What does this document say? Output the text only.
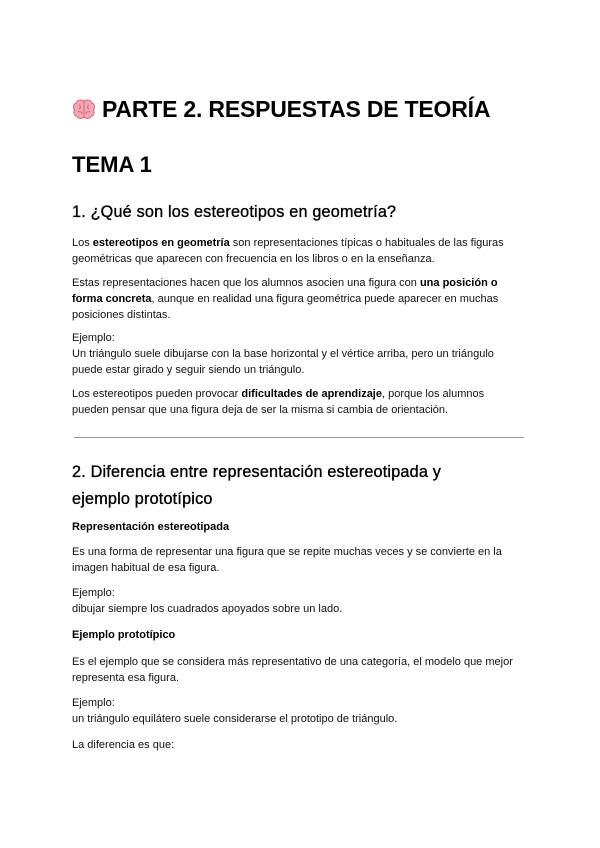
PARTE 2. RESPUESTAS DE TEORÍA
TEMA 1
1. ¿Qué son los estereotipos en geometría?

Los estereotipos en geometría son representaciones típicas o habituales de las figuras
geométricas que aparecen con frecuencia en los libros o en la enseñanza.

Estas representaciones hacen que los alumnos asocien una figura con una posición o
forma concreta, aunque en realidad una figura geométrica puede aparecer en muchas
posiciones distintas.

Ejemplo:
Un triángulo suele dibujarse con la base horizontal y el vértice arriba, pero un triángulo
puede estar girado y seguir siendo un triángulo.

Los estereotipos pueden provocar dificultades de aprendizaje, porque los alumnos
pueden pensar que una figura deja de ser la misma si cambia de orientación.

2. Diferencia entre representación estereotipada y
ejemplo prototípico

Representación estereotipada

Es una forma de representar una figura que se repite muchas veces y se convierte en la
imagen habitual de esa figura.

Ejemplo:
dibujar siempre los cuadrados apoyados sobre un lado.

Ejemplo prototípico

Es el ejemplo que se considera más representativo de una categoría, el modelo que mejor
representa esa figura.

Ejemplo:
un triángulo equilátero suele considerarse el prototipo de triángulo.

La diferencia es que:
